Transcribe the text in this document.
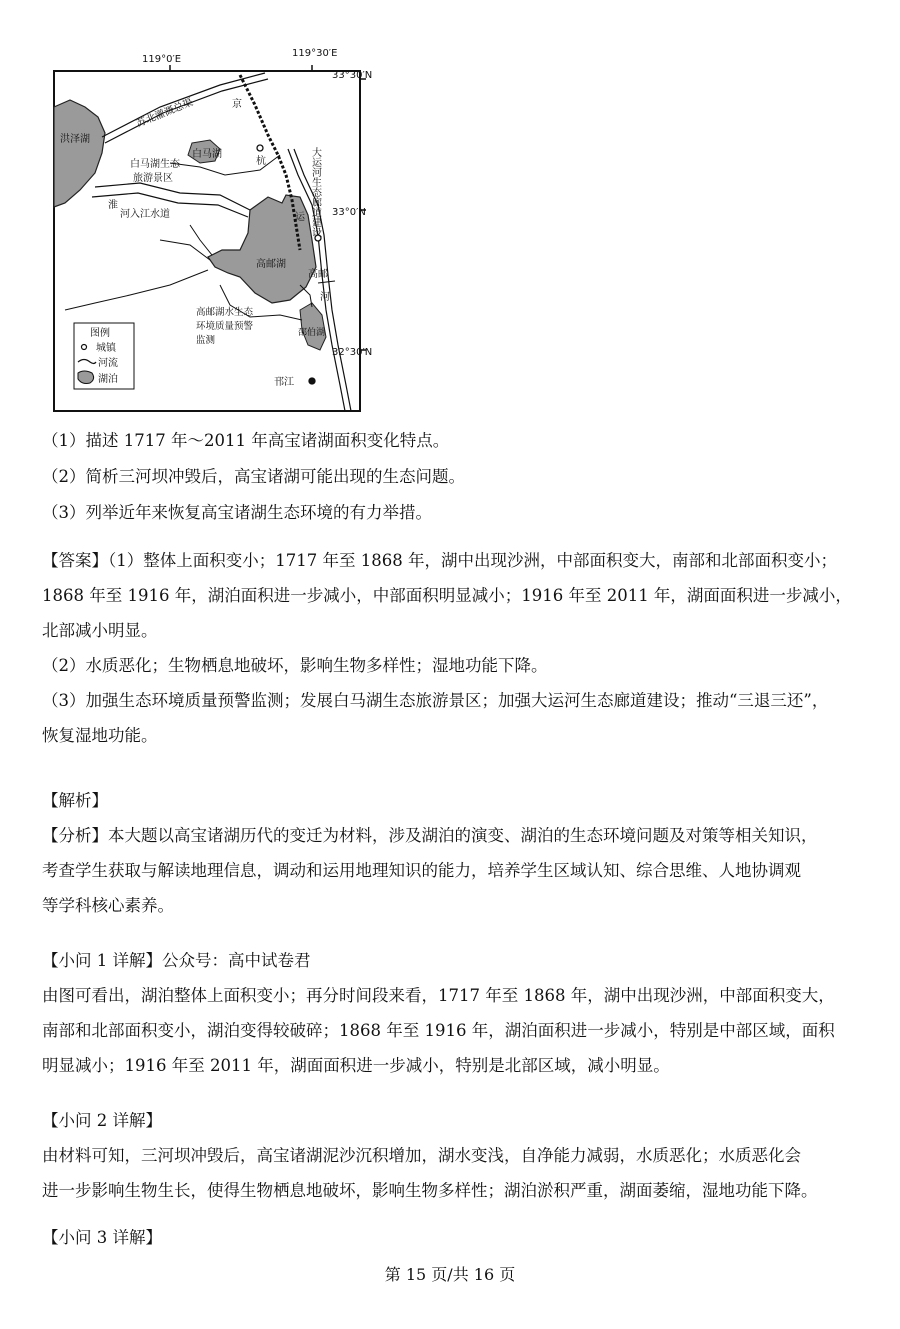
119°0′E
119°30′E
33°30′N
33°0′N
32°30′N
洪泽湖
苏北灌溉总渠	京
杭
白马湖
白马湖生态
旅游景区
淮
河入江水道	运
高邮湖
高邮
河
邵伯湖
大运河生态廊道建设
高邮湖水生态
环境质量预警
监测
邗江
图例
城镇
河流
湖泊

（1）描述 1717 年～2011 年高宝诸湖面积变化特点。

（2）简析三河坝冲毁后，高宝诸湖可能出现的生态问题。

（3）列举近年来恢复高宝诸湖生态环境的有力举措。

【答案】（1）整体上面积变小；1717 年至 1868 年，湖中出现沙洲，中部面积变大，南部和北部面积变小；

1868 年至 1916 年，湖泊面积进一步减小，中部面积明显减小；1916 年至 2011 年，湖面面积进一步减小，

北部减小明显。

（2）水质恶化；生物栖息地破坏，影响生物多样性；湿地功能下降。

（3）加强生态环境质量预警监测；发展白马湖生态旅游景区；加强大运河生态廊道建设；推动“三退三还”，

恢复湿地功能。

【解析】

【分析】本大题以高宝诸湖历代的变迁为材料，涉及湖泊的演变、湖泊的生态环境问题及对策等相关知识，

考查学生获取与解读地理信息，调动和运用地理知识的能力，培养学生区域认知、综合思维、人地协调观

等学科核心素养。

【小问 1 详解】公众号：高中试卷君

由图可看出，湖泊整体上面积变小；再分时间段来看，1717 年至 1868 年，湖中出现沙洲，中部面积变大，

南部和北部面积变小，湖泊变得较破碎；1868 年至 1916 年，湖泊面积进一步减小，特别是中部区域，面积

明显减小；1916 年至 2011 年，湖面面积进一步减小，特别是北部区域，减小明显。

【小问 2 详解】

由材料可知，三河坝冲毁后，高宝诸湖泥沙沉积增加，湖水变浅，自净能力减弱，水质恶化；水质恶化会

进一步影响生物生长，使得生物栖息地破坏，影响生物多样性；湖泊淤积严重，湖面萎缩，湿地功能下降。

【小问 3 详解】

第 15 页/共 16 页
